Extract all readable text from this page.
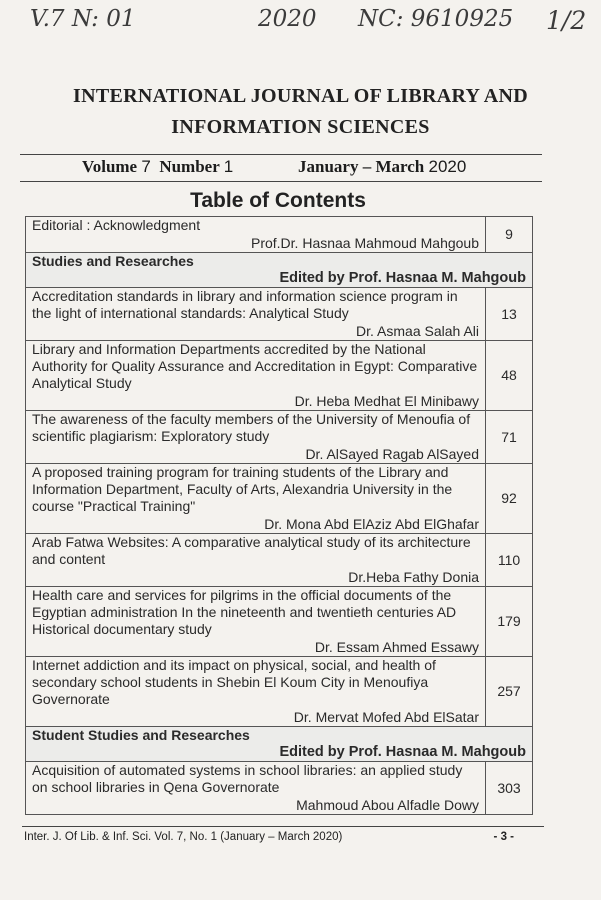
V.7 N: 01	2020 NC: 9610925 1/2
INTERNATIONAL JOURNAL OF LIBRARY AND
INFORMATION SCIENCES
Volume 7 Number 1	January – March 2020
Table of Contents
Editorial : Acknowledgment
Prof.Dr. Hasnaa Mahmoud Mahgoub	9

Studies and Researches
Edited by Prof. Hasnaa M. Mahgoub	

Accreditation standards in library and information science program in the light of international standards: Analytical Study
Dr. Asmaa Salah Ali	13

Library and Information Departments accredited by the National Authority for Quality Assurance and Accreditation in Egypt: Comparative Analytical Study
Dr. Heba Medhat El Minibawy	48

The awareness of the faculty members of the University of Menoufia of scientific plagiarism: Exploratory study
Dr. AlSayed Ragab AlSayed	71

A proposed training program for training students of the Library and Information Department, Faculty of Arts, Alexandria University in the course "Practical Training"
Dr. Mona Abd ElAziz Abd ElGhafar	92

Arab Fatwa Websites: A comparative analytical study of its architecture and content
Dr.Heba Fathy Donia	110

Health care and services for pilgrims in the official documents of the Egyptian administration In the nineteenth and twentieth centuries AD Historical documentary study
Dr. Essam Ahmed Essawy	179

Internet addiction and its impact on physical, social, and health of secondary school students in Shebin El Koum City in Menoufiya Governorate
Dr. Mervat Mofed Abd ElSatar	257

Student Studies and Researches
Edited by Prof. Hasnaa M. Mahgoub	

Acquisition of automated systems in school libraries: an applied study on school libraries in Qena Governorate
Mahmoud Abou Alfadle Dowy	303
Inter. J. Of Lib. & Inf. Sci. Vol. 7, No. 1 (January – March 2020)	- 3 -
